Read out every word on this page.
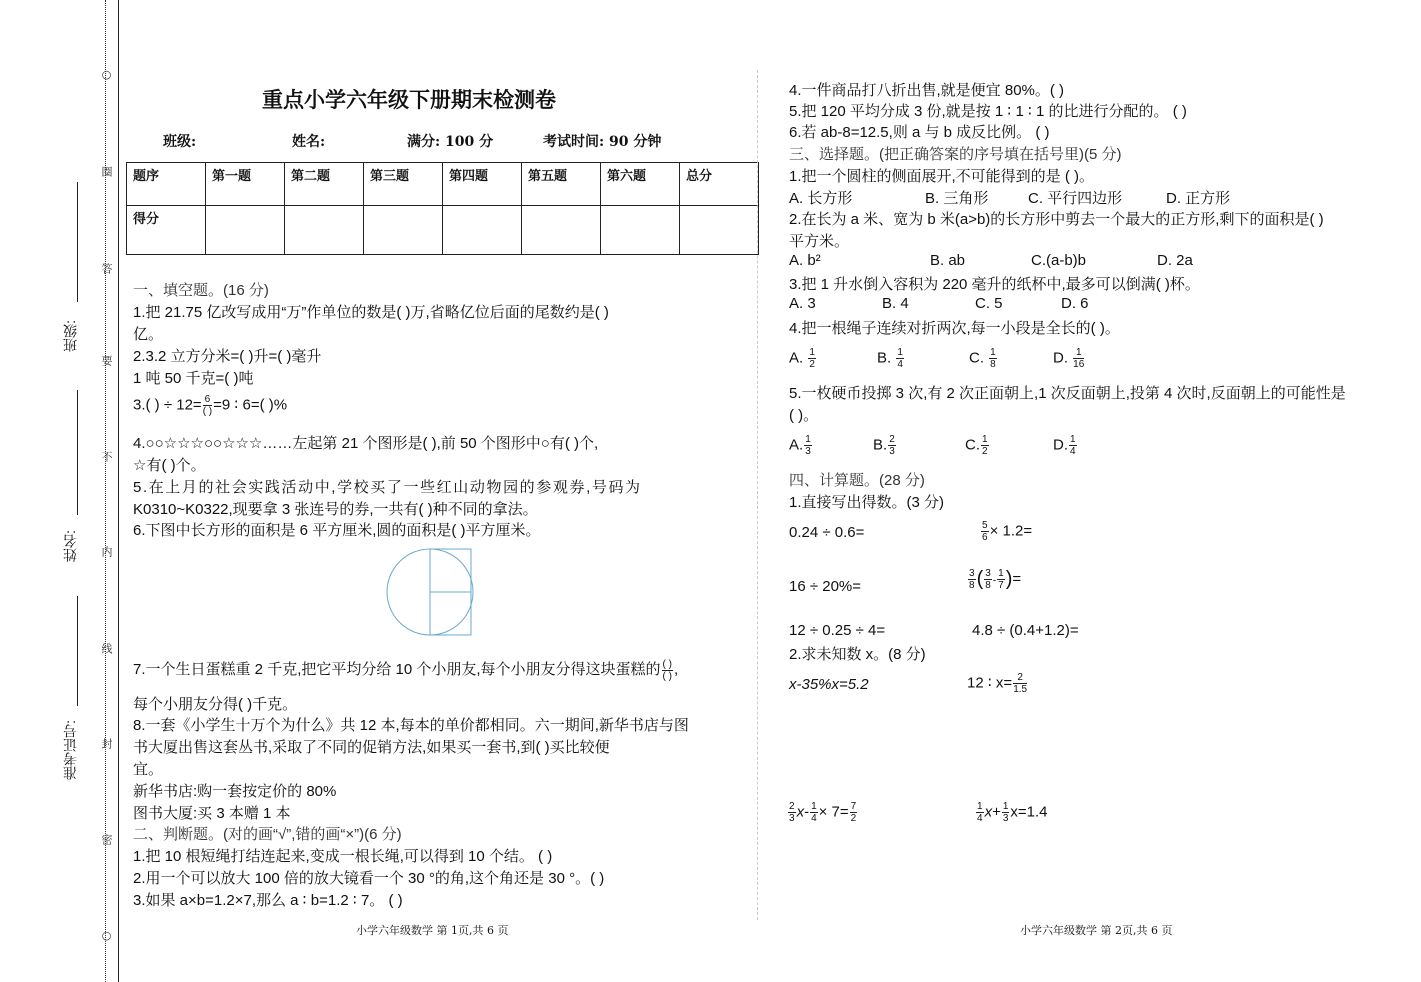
○
圈
答
要
不
内
线
封
密
○
班级:
姓名:
准考证号:
重点小学六年级下册期末检测卷
班级:	姓名:	满分: 100 分	考试时间: 90 分钟
题序	第一题	第二题	第三题	第四题	第五题	第六题	总分
得分							
一、填空题。(16 分)
1.把 21.75 亿改写成用“万”作单位的数是( )万,省略亿位后面的尾数约是( )
亿。
2.3.2 立方分米=( )升=( )毫升
1 吨 50 千克=( )吨
3.( ) ÷ $12= \frac{6}{( )} =9$ ∶ 6=( )%
4.○○☆☆☆○○☆☆☆……左起第 21 个图形是( ),前 50 个图形中○有( )个,
☆有( )个。
5.在上月的社会实践活动中,学校买了一些红山动物园的参观券,号码为
K0310~K0322,现要拿 3 张连号的券,一共有( )种不同的拿法。
6.下图中长方形的面积是 6 平方厘米,圆的面积是( )平方厘米。
7.一个生日蛋糕重 2 千克,把它平均分给 10 个小朋友,每个小朋友分得这块蛋糕的 $\frac{( )}{( )}$ ,
每个小朋友分得( )千克。
8.一套《小学生十万个为什么》共 12 本,每本的单价都相同。六一期间,新华书店与图
书大厦出售这套丛书,采取了不同的促销方法,如果买一套书,到( )买比较便
宜。
新华书店:购一套按定价的 80%
图书大厦:买 3 本赠 1 本
二、判断题。(对的画“√”,错的画“×”)(6 分)
1.把 10 根短绳打结连起来,变成一根长绳,可以得到 10 个结。 ( )
2.用一个可以放大 100 倍的放大镜看一个 30 °的角,这个角还是 30 °。( )
3.如果 a×b=1.2×7,那么 a ∶ b=1.2 ∶ 7。 ( )
小学六年级数学 第 1页,共 6 页
4.一件商品打八折出售,就是便宜 80%。( )
5.把 120 平均分成 3 份,就是按 1 ∶ 1 ∶ 1 的比进行分配的。 ( )
6.若 ab-8=12.5,则 a 与 b 成反比例。 ( )
三、选择题。(把正确答案的序号填在括号里)(5 分)
1.把一个圆柱的侧面展开,不可能得到的是 ( )。
A. 长方形	B. 三角形	C. 平行四边形	D. 正方形
2.在长为 a 米、宽为 b 米(a>b)的长方形中剪去一个最大的正方形,剩下的面积是( )
平方米。
A. b²	B. ab	C.(a-b)b	D. 2a
3.把 1 升水倒入容积为 220 毫升的纸杯中,最多可以倒满( )杯。
A. 3	B. 4	C. 5	D. 6
4.把一根绳子连续对折两次,每一小段是全长的( )。
A. $\frac{1}{2}$	B. $\frac{1}{4}$	C. $\frac{1}{8}$	D. $\frac{1}{16}$
5.一枚硬币投掷 3 次,有 2 次正面朝上,1 次反面朝上,投第 4 次时,反面朝上的可能性是
( )。
A. $\frac{1}{3}$	B. $\frac{2}{3}$	C. $\frac{1}{2}$	D. $\frac{1}{4}$
四、计算题。(28 分)
1.直接写出得数。(3 分)
0.24 ÷ 0.6=	$\frac{5}{6} \times 1.2=$
16 ÷ 20%=	$\frac{3}{8}$ ( $\frac{3}{8} - \frac{1}{7}$ )=
12 ÷ 0.25 ÷ 4=	4.8 ÷ (0.4+1.2)=
2.求未知数 x。(8 分)
x-35%x=5.2	12 ∶ $x= \frac{2}{1.5}$
$\frac{2}{3} x- \frac{1}{4} \times 7= \frac{7}{2}$	$\frac{1}{4} x+ \frac{1}{3} x=1.4$
小学六年级数学 第 2页,共 6 页
